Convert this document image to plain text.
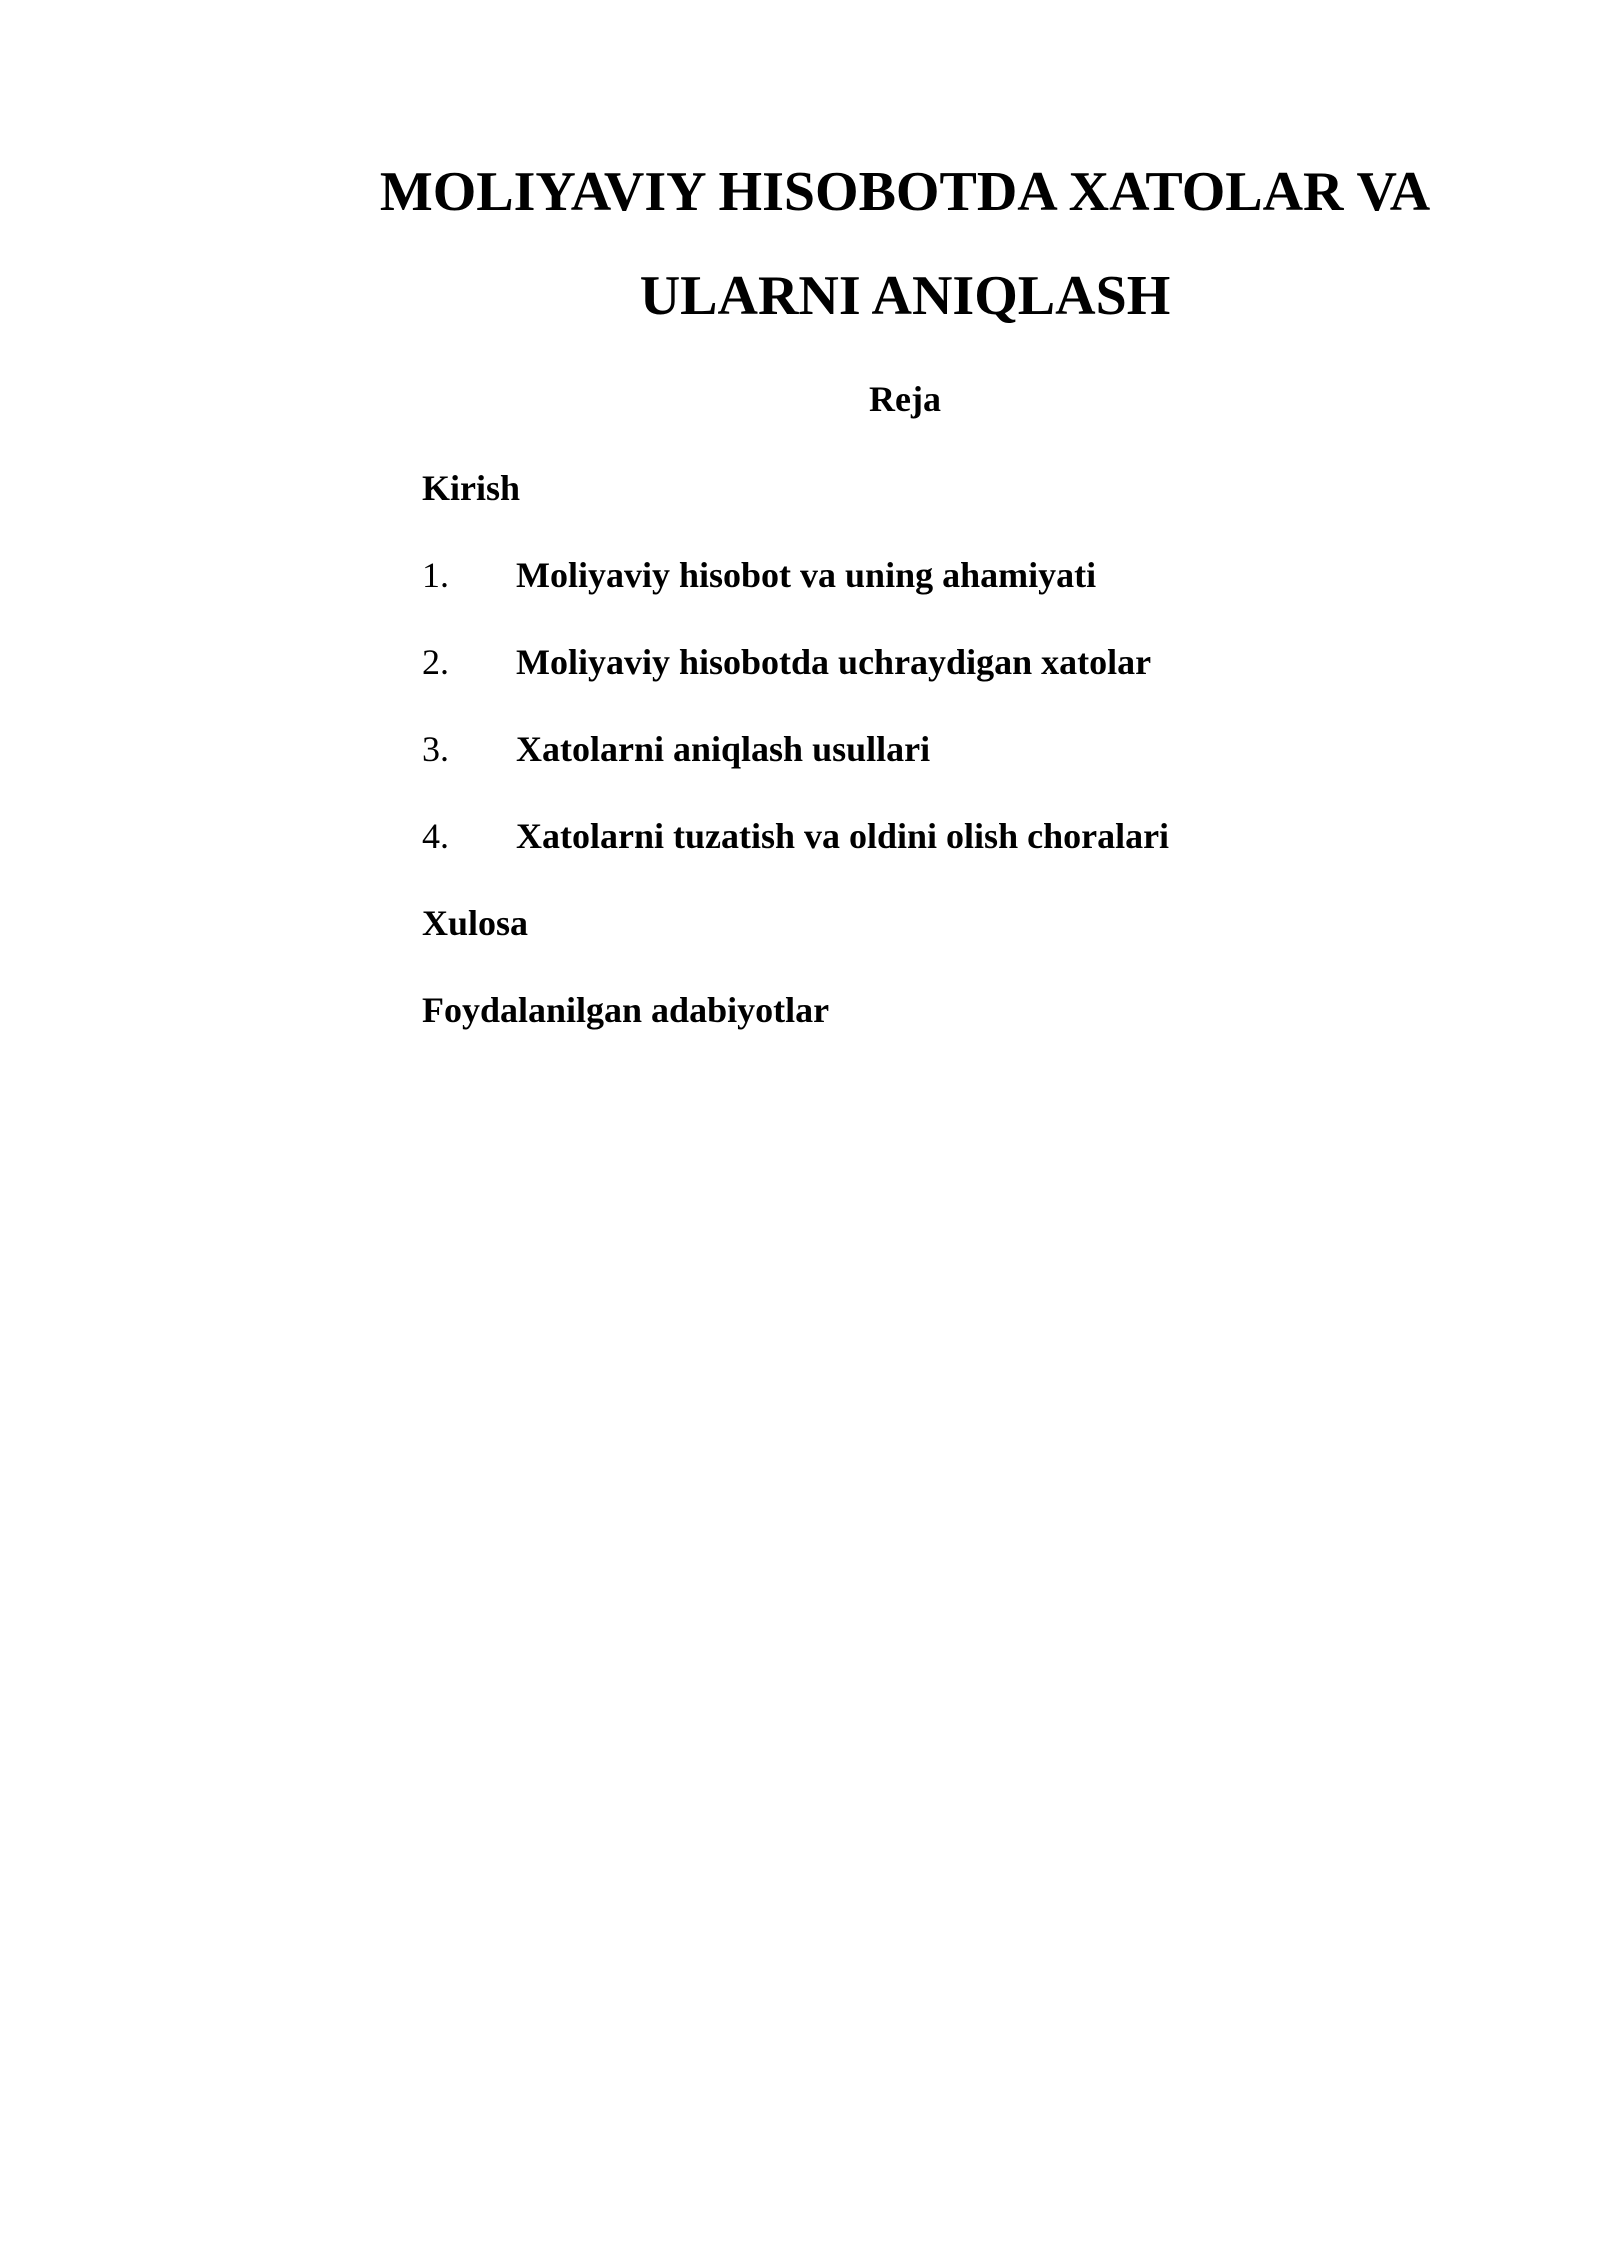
MOLIYAVIY HISOBOTDA XATOLAR VA
ULARNI ANIQLASH
Reja
Kirish
1. Moliyaviy hisobot va uning ahamiyati
2. Moliyaviy hisobotda uchraydigan xatolar
3. Xatolarni aniqlash usullari
4. Xatolarni tuzatish va oldini olish choralari
Xulosa
Foydalanilgan adabiyotlar
